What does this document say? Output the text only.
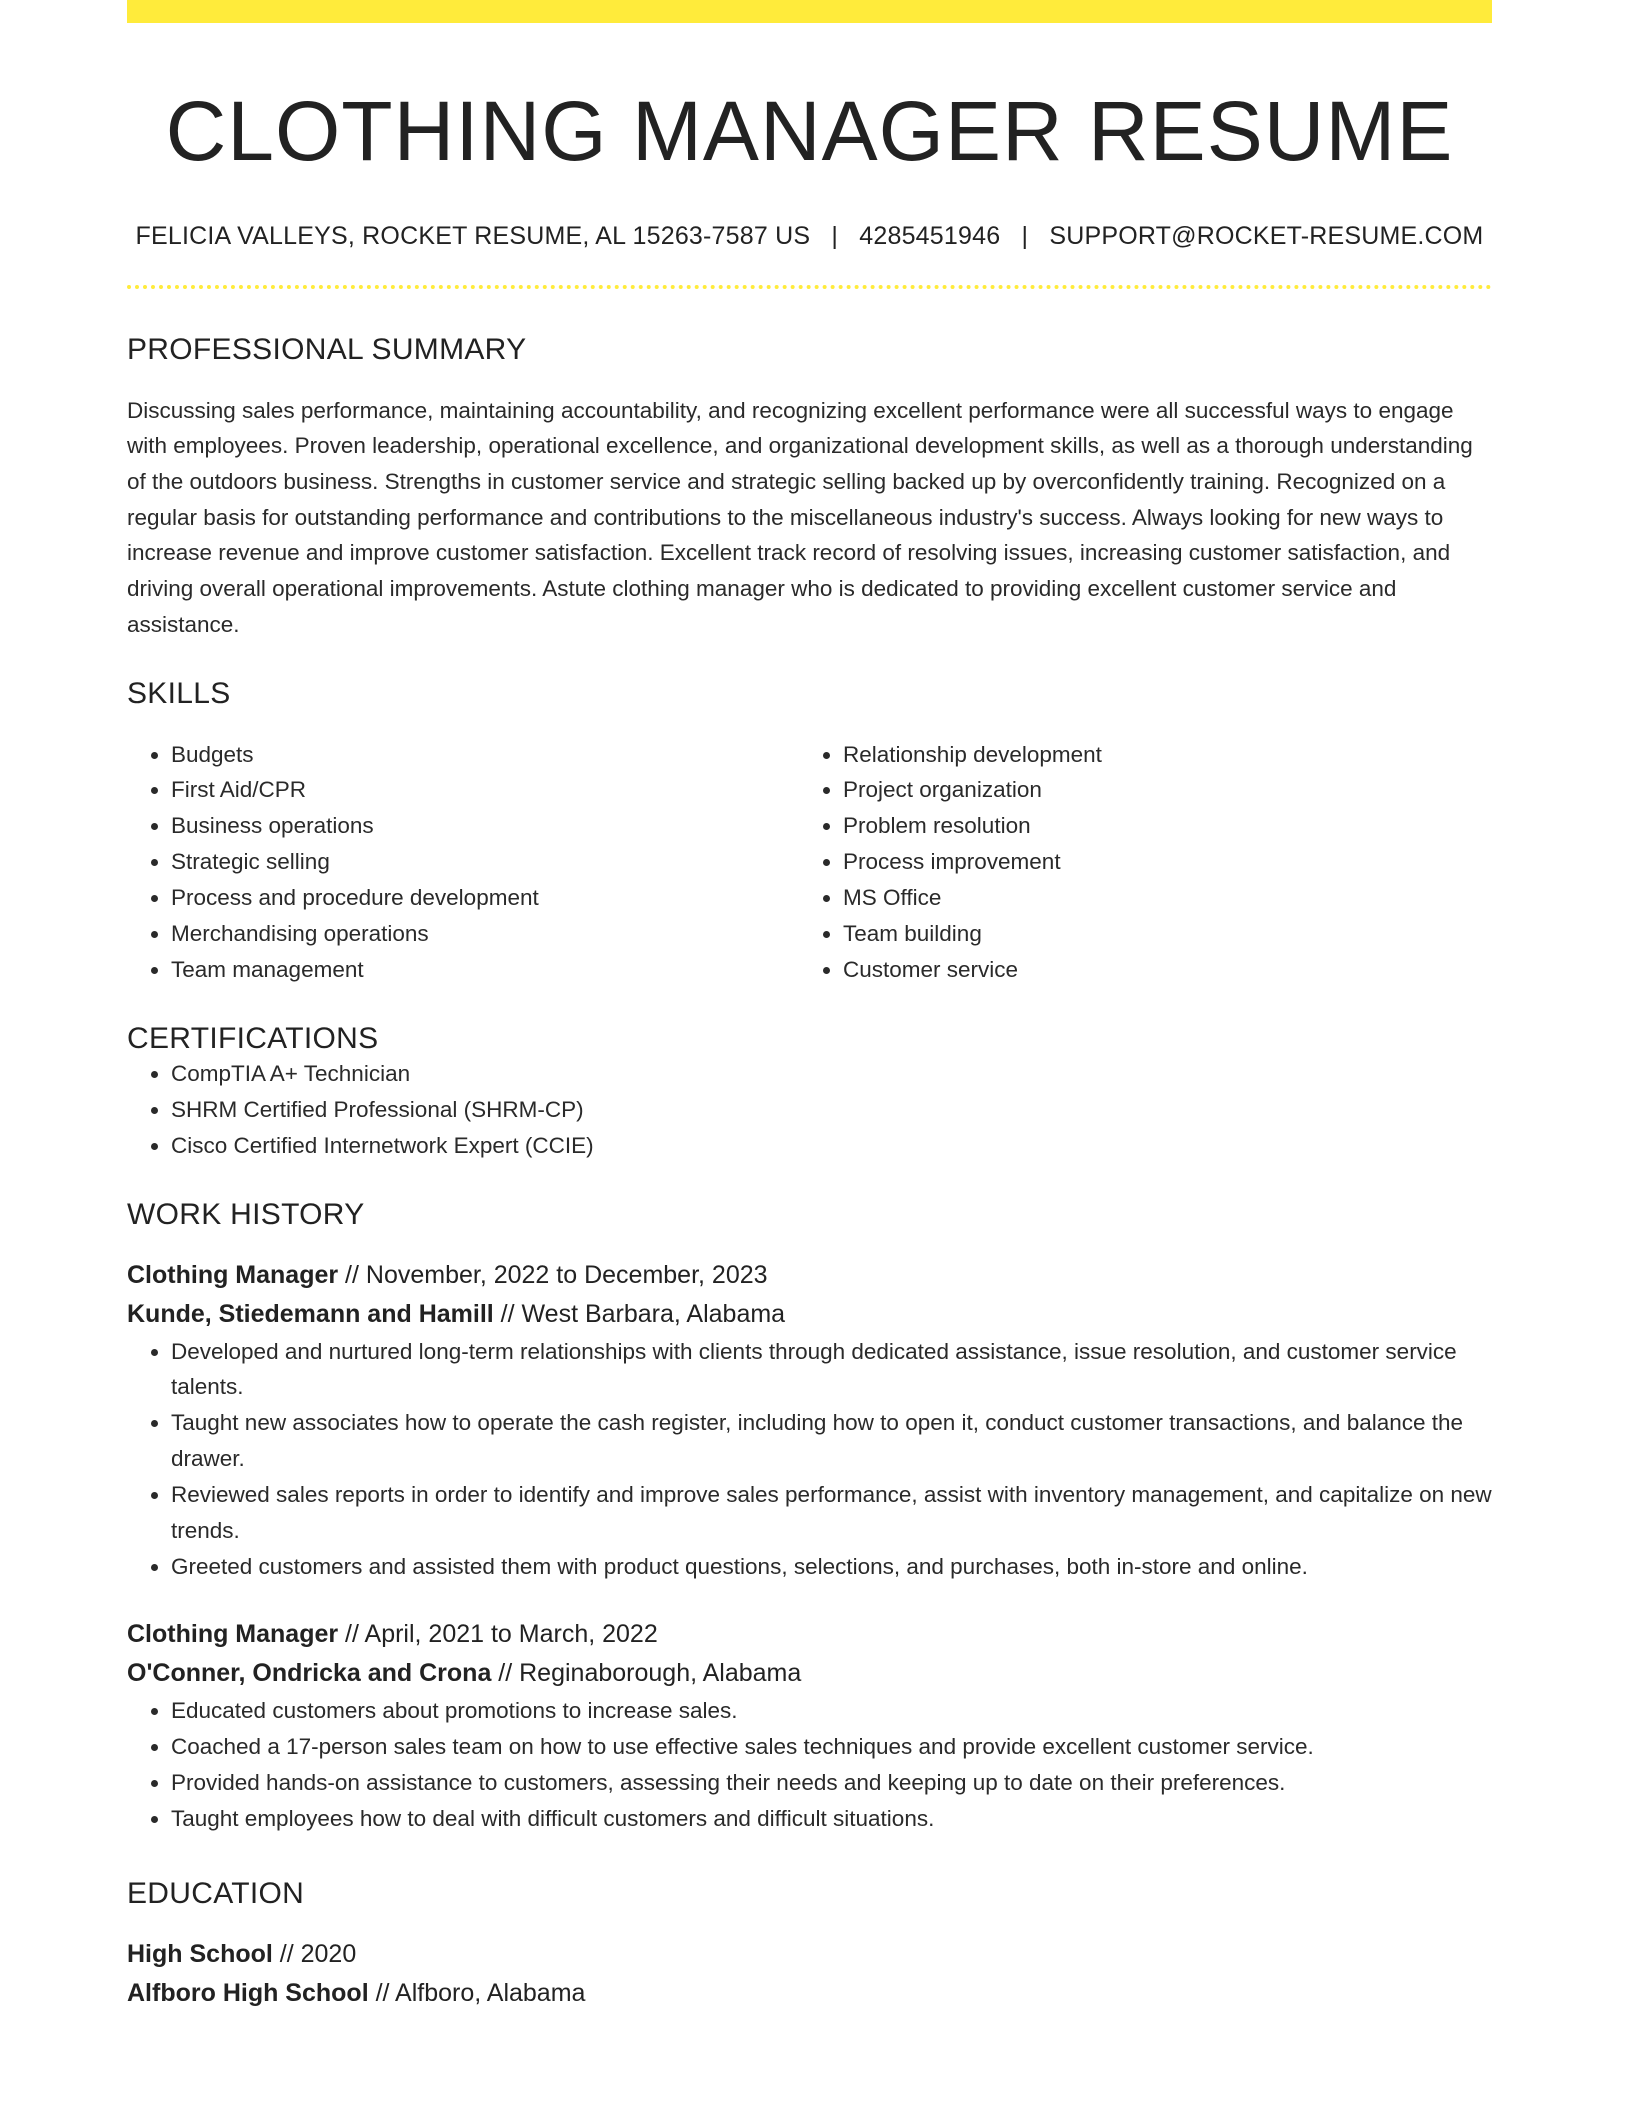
CLOTHING MANAGER RESUME
FELICIA VALLEYS, ROCKET RESUME, AL 15263-7587 US | 4285451946 | SUPPORT@ROCKET-RESUME.COM
PROFESSIONAL SUMMARY
Discussing sales performance, maintaining accountability, and recognizing excellent performance were all successful ways to engage with employees. Proven leadership, operational excellence, and organizational development skills, as well as a thorough understanding of the outdoors business. Strengths in customer service and strategic selling backed up by overconfidently training. Recognized on a regular basis for outstanding performance and contributions to the miscellaneous industry's success. Always looking for new ways to increase revenue and improve customer satisfaction. Excellent track record of resolving issues, increasing customer satisfaction, and driving overall operational improvements. Astute clothing manager who is dedicated to providing excellent customer service and assistance.
SKILLS
• Budgets
• First Aid/CPR
• Business operations
• Strategic selling
• Process and procedure development
• Merchandising operations
• Team management
• Relationship development
• Project organization
• Problem resolution
• Process improvement
• MS Office
• Team building
• Customer service
CERTIFICATIONS
• CompTIA A+ Technician
• SHRM Certified Professional (SHRM-CP)
• Cisco Certified Internetwork Expert (CCIE)
WORK HISTORY
Clothing Manager // November, 2022 to December, 2023
Kunde, Stiedemann and Hamill // West Barbara, Alabama
• Developed and nurtured long-term relationships with clients through dedicated assistance, issue resolution, and customer service talents.
• Taught new associates how to operate the cash register, including how to open it, conduct customer transactions, and balance the drawer.
• Reviewed sales reports in order to identify and improve sales performance, assist with inventory management, and capitalize on new trends.
• Greeted customers and assisted them with product questions, selections, and purchases, both in-store and online.
Clothing Manager // April, 2021 to March, 2022
O'Conner, Ondricka and Crona // Reginaborough, Alabama
• Educated customers about promotions to increase sales.
• Coached a 17-person sales team on how to use effective sales techniques and provide excellent customer service.
• Provided hands-on assistance to customers, assessing their needs and keeping up to date on their preferences.
• Taught employees how to deal with difficult customers and difficult situations.
EDUCATION
High School // 2020
Alfboro High School // Alfboro, Alabama
